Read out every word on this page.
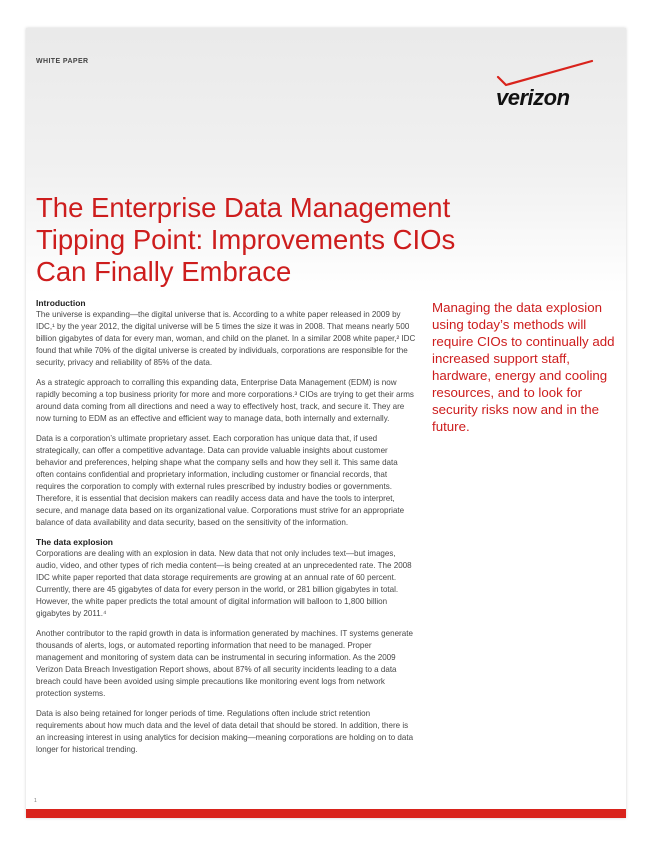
WHITE PAPER
verizon
The Enterprise Data Management
Tipping Point: Improvements CIOs
Can Finally Embrace
Introduction

The universe is expanding—the digital universe that is. According to a white paper released in 2009 by IDC,¹ by the year 2012, the digital universe will be 5 times the size it was in 2008. That means nearly 500 billion gigabytes of data for every man, woman, and child on the planet. In a similar 2008 white paper,² IDC found that while 70% of the digital universe is created by individuals, corporations are responsible for the security, privacy and reliability of 85% of the data.

As a strategic approach to corralling this expanding data, Enterprise Data Management (EDM) is now rapidly becoming a top business priority for more and more corporations.³ CIOs are trying to get their arms around data coming from all directions and need a way to effectively host, track, and secure it. They are now turning to EDM as an effective and efficient way to manage data, both internally and externally.

Data is a corporation’s ultimate proprietary asset. Each corporation has unique data that, if used strategically, can offer a competitive advantage. Data can provide valuable insights about customer behavior and preferences, helping shape what the company sells and how they sell it. This same data often contains confidential and proprietary information, including customer or financial records, that requires the corporation to comply with external rules prescribed by industry bodies or governments. Therefore, it is essential that decision makers can readily access data and have the tools to interpret, secure, and manage data based on its organizational value. Corporations must strive for an appropriate balance of data availability and data security, based on the sensitivity of the information.

The data explosion

Corporations are dealing with an explosion in data. New data that not only includes text—but images, audio, video, and other types of rich media content—is being created at an unprecedented rate. The 2008 IDC white paper reported that data storage requirements are growing at an annual rate of 60 percent. Currently, there are 45 gigabytes of data for every person in the world, or 281 billion gigabytes in total. However, the white paper predicts the total amount of digital information will balloon to 1,800 billion gigabytes by 2011.⁴

Another contributor to the rapid growth in data is information generated by machines. IT systems generate thousands of alerts, logs, or automated reporting information that need to be managed. Proper management and monitoring of system data can be instrumental in securing information. As the 2009 Verizon Data Breach Investigation Report shows, about 87% of all security incidents leading to a data breach could have been avoided using simple precautions like monitoring event logs from network protection systems.

Data is also being retained for longer periods of time. Regulations often include strict retention requirements about how much data and the level of data detail that should be stored. In addition, there is an increasing interest in using analytics for decision making—meaning corporations are holding on to data longer for historical trending.

Managing the data explosion using today’s methods will require CIOs to continually add increased support staff, hardware, energy and cooling resources, and to look for security risks now and in the future.

1
